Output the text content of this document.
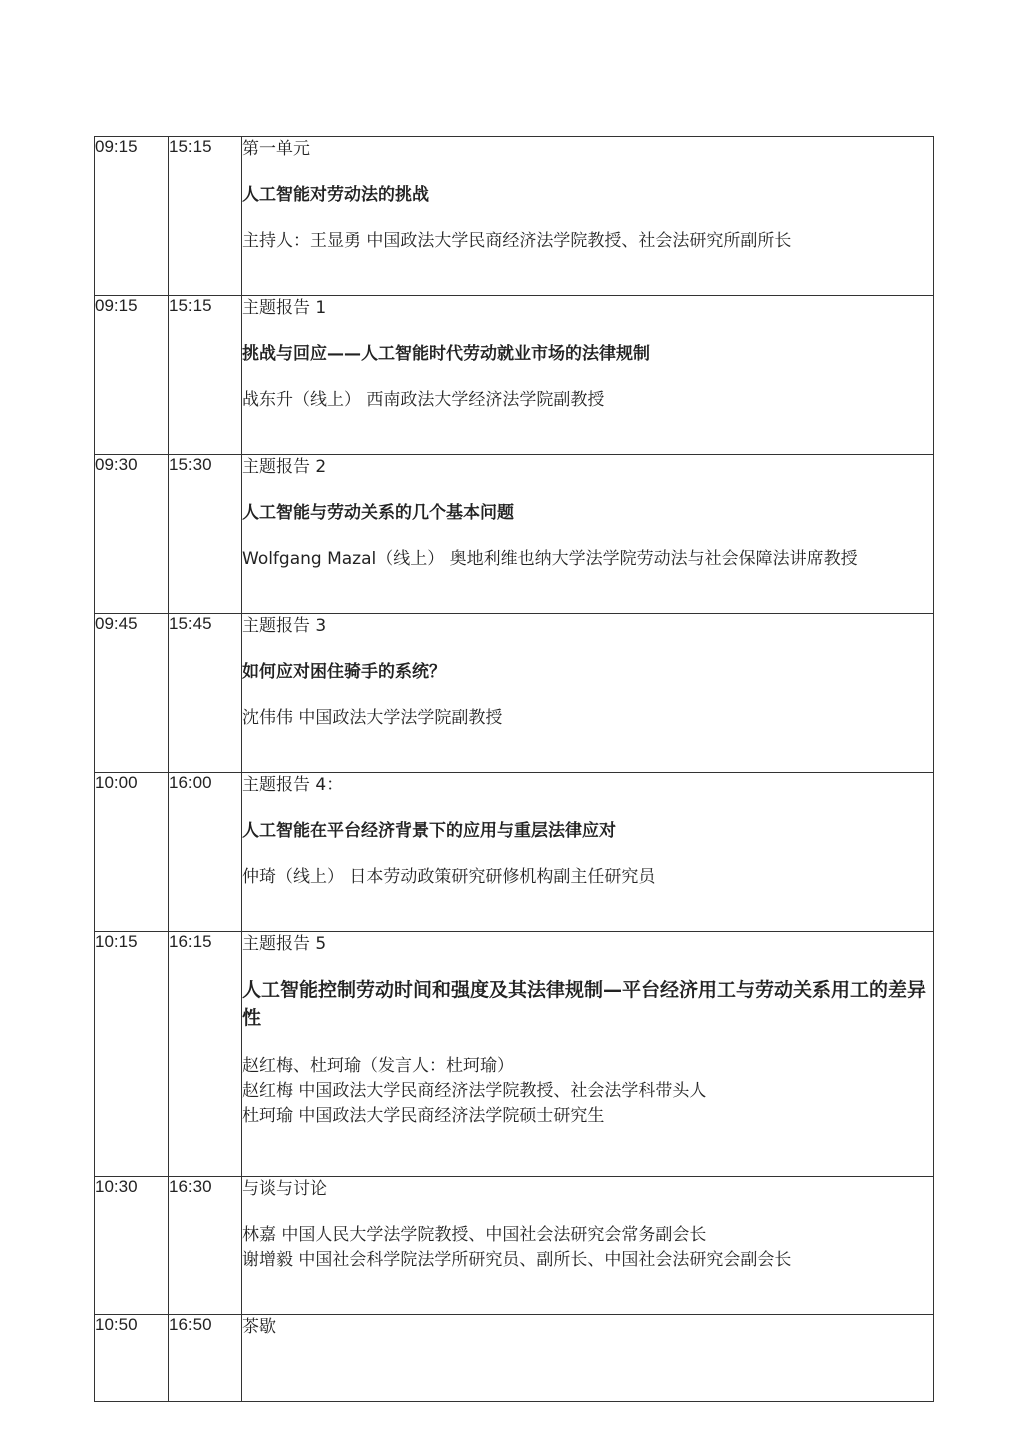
09:15	15:15	第一单元
人工智能对劳动法的挑战
主持人：王显勇 中国政法大学民商经济法学院教授、社会法研究所副所长

09:15	15:15	主题报告 1
挑战与回应——人工智能时代劳动就业市场的法律规制
战东升（线上） 西南政法大学经济法学院副教授

09:30	15:30	主题报告 2
人工智能与劳动关系的几个基本问题
Wolfgang Mazal（线上） 奥地利维也纳大学法学院劳动法与社会保障法讲席教授

09:45	15:45	主题报告 3
如何应对困住骑手的系统？
沈伟伟 中国政法大学法学院副教授

10:00	16:00	主题报告 4：
人工智能在平台经济背景下的应用与重层法律应对
仲琦（线上） 日本劳动政策研究研修机构副主任研究员

10:15	16:15	主题报告 5
人工智能控制劳动时间和强度及其法律规制—平台经济用工与劳动关系用工的差异性
赵红梅、杜珂瑜（发言人：杜珂瑜）
赵红梅 中国政法大学民商经济法学院教授、社会法学科带头人
杜珂瑜 中国政法大学民商经济法学院硕士研究生

10:30	16:30	与谈与讨论
林嘉 中国人民大学法学院教授、中国社会法研究会常务副会长
谢增毅 中国社会科学院法学所研究员、副所长、中国社会法研究会副会长

10:50	16:50	茶歇
